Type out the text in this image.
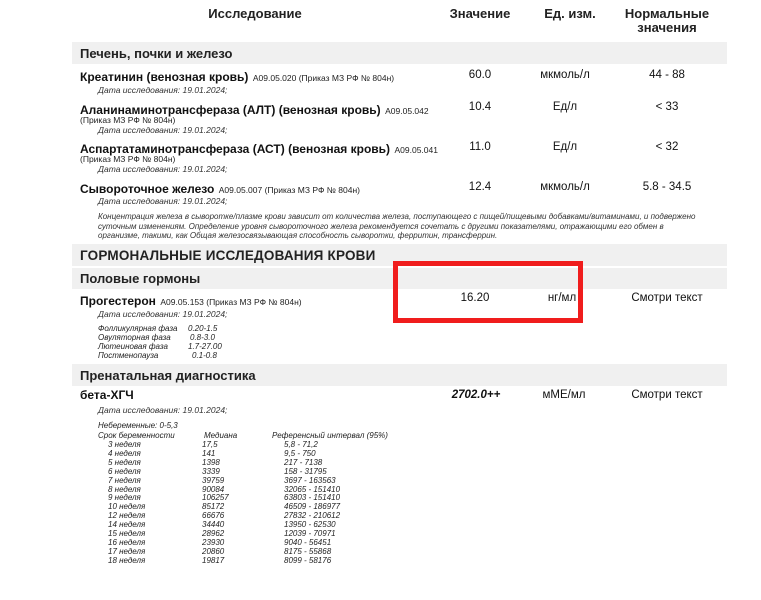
Исследование	Значение	Ед. изм.	Нормальные
значения
Печень, почки и железо
Креатинин (венозная кровь) A09.05.020 (Приказ МЗ РФ № 804н)
Дата исследования: 19.01.2024;
60.0	мкмоль/л	44 - 88
Аланинаминотрансфераза (АЛТ) (венозная кровь) A09.05.042
(Приказ МЗ РФ № 804н)
Дата исследования: 19.01.2024;
10.4	Ед/л	< 33
Аспартатаминотрансфераза (АСТ) (венозная кровь) A09.05.041
(Приказ МЗ РФ № 804н)
Дата исследования: 19.01.2024;
11.0	Ед/л	< 32
Сывороточное железо A09.05.007 (Приказ МЗ РФ № 804н)
Дата исследования: 19.01.2024;
12.4	мкмоль/л	5.8 - 34.5
Концентрация железа в сыворотке/плазме крови зависит от количества железа, поступающего с пищей/пищевыми добавками/витаминами, и подвержено
суточным изменениям. Определение уровня сывороточного железа рекомендуется сочетать с другими показателями, отражающими его обмен в
организме, такими, как Общая железосвязывающая способность сыворотки, ферритин, трансферрин.
ГОРМОНАЛЬНЫЕ ИССЛЕДОВАНИЯ КРОВИ
Половые гормоны
Прогестерон A09.05.153 (Приказ МЗ РФ № 804н)
Дата исследования: 19.01.2024;
16.20	нг/мл	Смотри текст
Фолликулярная фаза 0.20-1.5
Овуляторная фаза 0.8-3.0
Лютеиновая фаза	1.7-27.00
Постменопауза	0.1-0.8
Пренатальная диагностика
бета-ХГЧ
Дата исследования: 19.01.2024;
2702.0++	мМЕ/мл	Смотри текст
Небеременные: 0-5,3
Срок беременности	Медиана	Референсный интервал (95%)
3 неделя	17,5	5,8 - 71,2
4 неделя	141	9,5 - 750
5 неделя	1398	217 - 7138
6 неделя	3339	158 - 31795
7 неделя	39759	3697 - 163563
8 неделя	90084	32065 - 151410
9 неделя	106257	63803 - 151410
10 неделя	85172	46509 - 186977
12 неделя	66676	27832 - 210612
14 неделя	34440	13950 - 62530
15 неделя	28962	12039 - 70971
16 неделя	23930	9040 - 56451
17 неделя	20860	8175 - 55868
18 неделя	19817	8099 - 58176
